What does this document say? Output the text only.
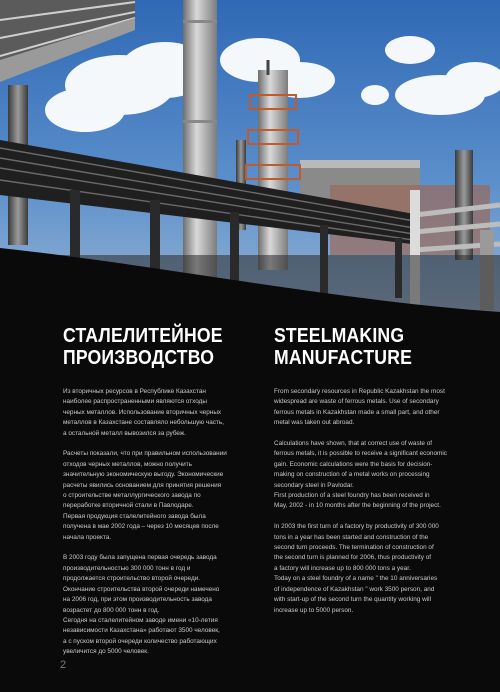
СТАЛЕЛИТЕЙНОЕ
ПРОИЗВОДСТВО
Из вторичных ресурсов в Республике Казахстан
наиболее распространенными являются отходы
черных металлов. Использование вторичных черных
металлов в Казахстане составляло небольшую часть,
а остальной металл вывозился за рубеж.
Расчеты показали, что при правильном использовании
отходов черных металлов, можно получить
значительную экономическую выгоду. Экономические
расчеты явились основанием для принятия решения
о строительстве металлургического завода по
переработке вторичной стали в Павлодаре.
Первая продукция сталелитейного завода была
получена в мае 2002 года – через 10 месяцев после
начала проекта.
В 2003 году была запущена первая очередь завода
производительностью 300 000 тонн в год и
продолжается строительство второй очереди.
Окончание строительства второй очереди намечено
на 2006 год, при этом производительность завода
возрастет до 800 000 тонн в год.
Сегодня на сталелитейном заводе имени «10-летия
независимости Казахстана» работают 3500 человек,
а с пуском второй очереди количество работающих
увеличится до 5000 человек.
STEELMAKING
MANUFACTURE
From secondary resources in Republic Kazakhstan the most
widespread are waste of ferrous metals. Use of secondary
ferrous metals in Kazakhstan made a small part, and other
metal was taken out abroad.
Calculations have shown, that at correct use of waste of
ferrous metals, it is possible to receive a significant economic
gain. Economic calculations were the basis for decision-
making on construction of a metal works on processing
secondary steel in Pavlodar.
First production of a steel foundry has been received in
May, 2002 - in 10 months after the beginning of the project.
In 2003 the first turn of a factory by productivity of 300 000
tons in a year has been started and construction of the
second turn proceeds. The termination of construction of
the second turn is planned for 2006, thus productivity of
a factory will increase up to 800 000 tons a year.
Today on a steel foundry of a name " the 10 anniversaries
of independence of Kazakhstan " work 3500 person, and
with start-up of the second turn the quantity working will
increase up to 5000 person.
2
